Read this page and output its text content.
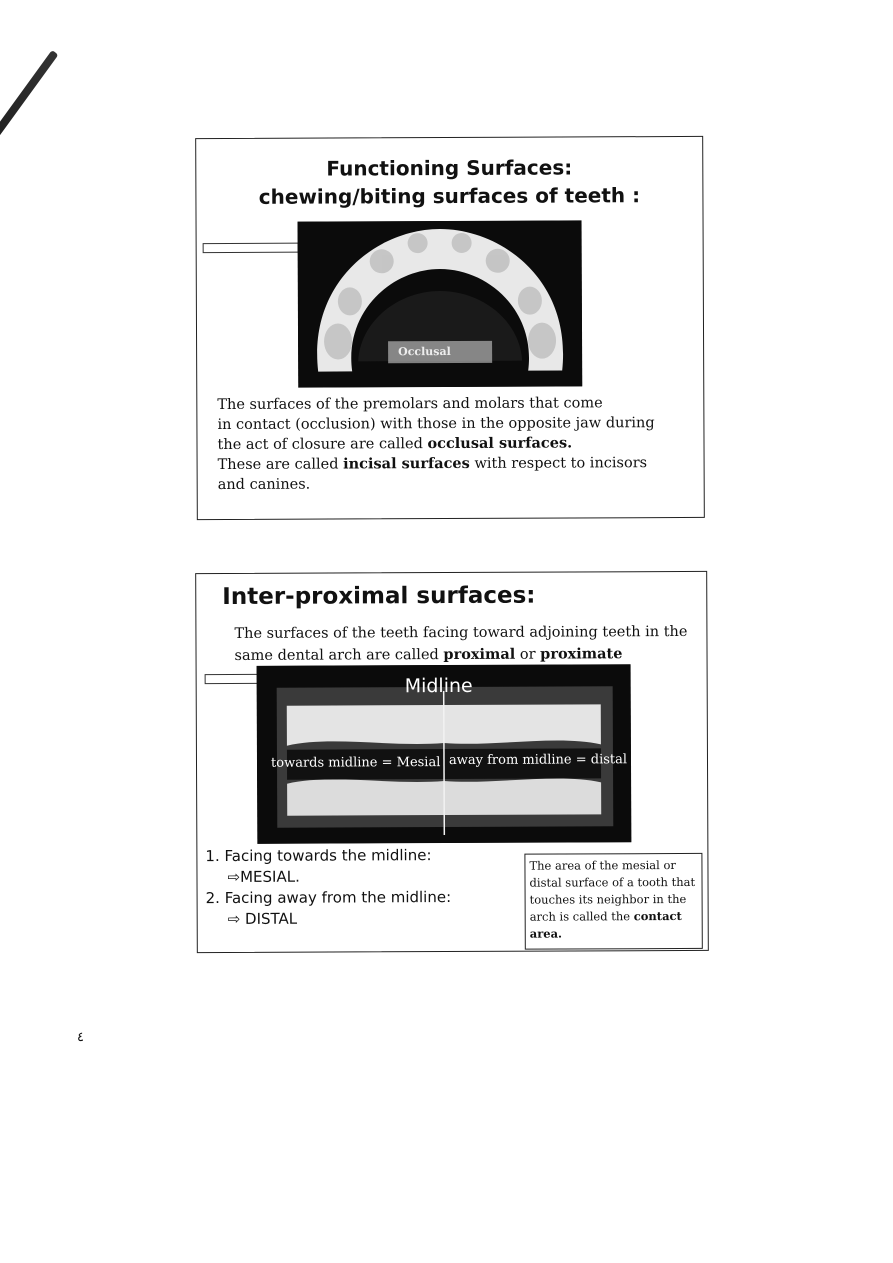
Functioning Surfaces:
chewing/biting surfaces of teeth :
Occlusal

The surfaces of the premolars and molars that come
in contact (occlusion) with those in the opposite jaw during
the act of closure are called occlusal surfaces.

These are called incisal surfaces with respect to incisors and canines.

Inter-proximal surfaces:
The surfaces of the teeth facing toward adjoining teeth in the same dental arch are called proximal or proximate
Midline
towards midline = Mesial away from midline = distal
1. Facing towards the midline:
⇨MESIAL.
2. Facing away from the midline:
⇨ DISTAL
The area of the mesial or distal surface of a tooth that touches its neighbor in the arch is called the contact area.
٤
